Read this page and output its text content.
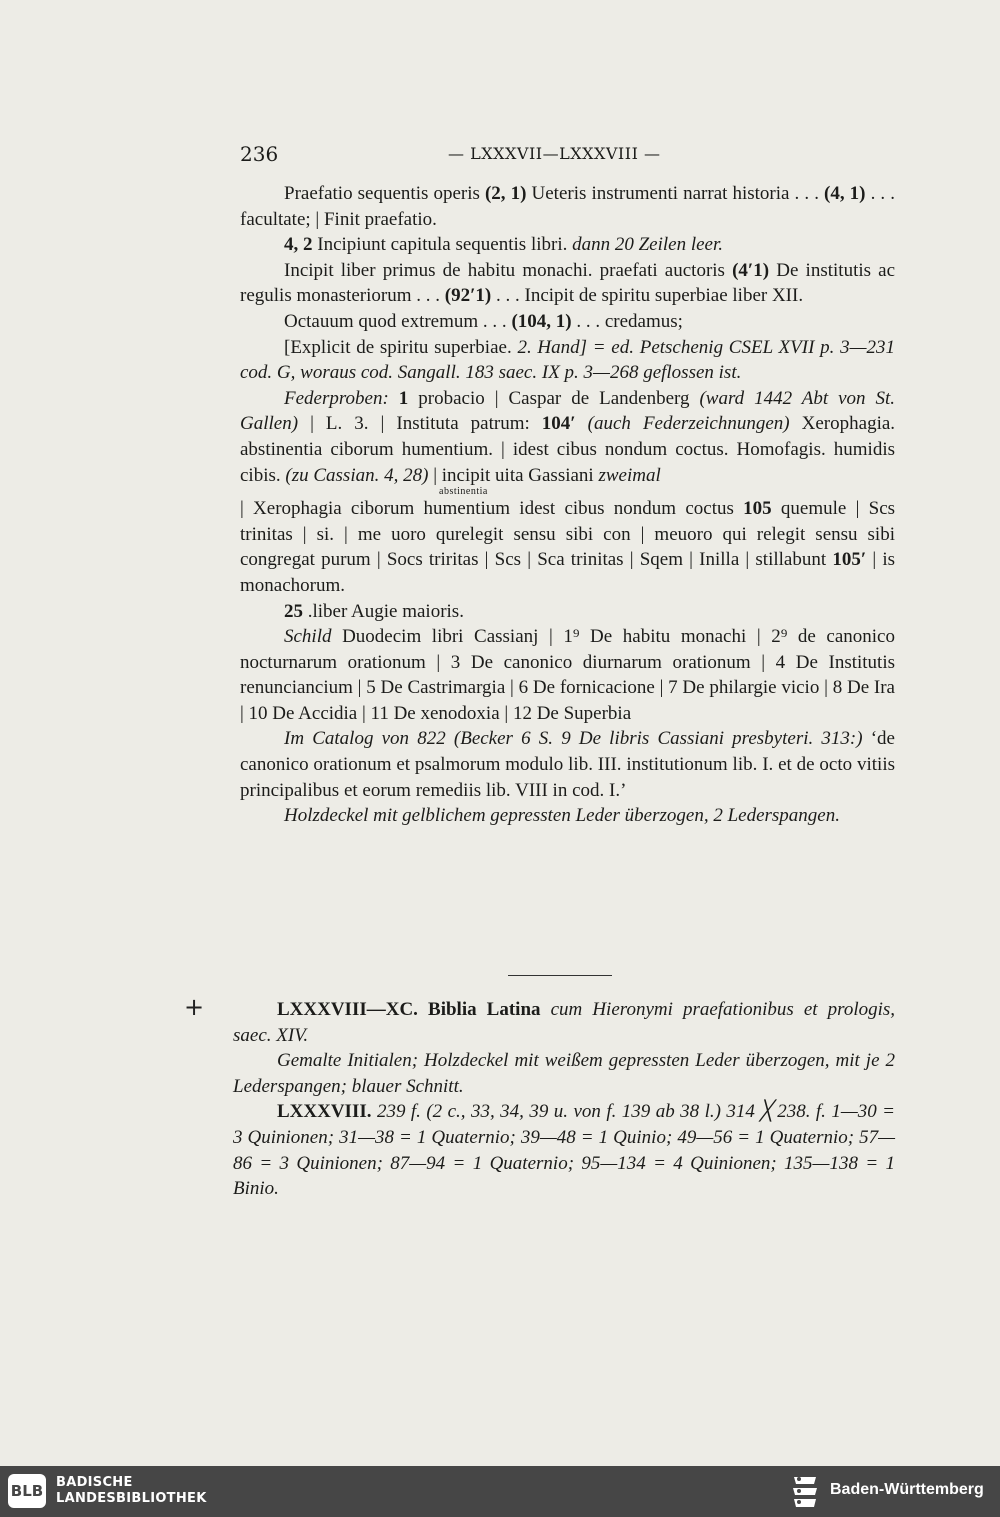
236	— LXXXVII—LXXXVIII —

Praefatio sequentis operis (2, 1) Ueteris instrumenti narrat historia . . . (4, 1) . . . facultate; | Finit praefatio.

4, 2 Incipiunt capitula sequentis libri. dann 20 Zeilen leer.

Incipit liber primus de habitu monachi. praefati auctoris (4′1) De institutis ac regulis monasteriorum . . . (92′1) . . . Incipit de spiritu superbiae liber XII.

Octauum quod extremum . . . (104, 1) . . . credamus;

[Explicit de spiritu superbiae. 2. Hand] = ed. Petschenig CSEL XVII p. 3—231 cod. G, woraus cod. Sangall. 183 saec. IX p. 3—268 geflossen ist.

Federproben: 1 probacio | Caspar de Landenberg (ward 1442 Abt von St. Gallen) | L. 3. | Instituta patrum: 104′ (auch Federzeichnungen) Xerophagia. abstinentia ciborum humentium. | idest cibus nondum coctus. Homofagis. humidis cibis. (zu Cassian. 4, 28) | incipit uita Gassiani zweimal
abstinentia
| Xerophagia ciborum humentium idest cibus nondum coctus 105 quemule | Scs trinitas | si. | me uoro qurelegit sensu sibi con | meuoro qui relegit sensu sibi congregat purum | Socs triritas | Scs | Sca trinitas | Sqem | Inilla | stillabunt 105′ | is monachorum.

25 .liber Augie maioris.

Schild Duodecim libri Cassianj | 1⁹ De habitu monachi | 2⁹ de canonico nocturnarum orationum | 3 De canonico diurnarum orationum | 4 De Institutis renunciancium | 5 De Castrimargia | 6 De fornicacione | 7 De philargie vicio | 8 De Ira | 10 De Accidia | 11 De xenodoxia | 12 De Superbia

Im Catalog von 822 (Becker 6 S. 9 De libris Cassiani presbyteri. 313:) ‘de canonico orationum et psalmorum modulo lib. III. institutionum lib. I. et de octo vitiis principalibus et eorum remediis lib. VIII in cod. I.’

Holzdeckel mit gelblichem gepressten Leder überzogen, 2 Lederspangen.

+	LXXXVIII—XC. Biblia Latina cum Hieronymi praefationibus et prologis, saec. XIV.

Gemalte Initialen; Holzdeckel mit weißem gepressten Leder überzogen, mit je 2 Lederspangen; blauer Schnitt.

LXXXVIII. 239 f. (2 c., 33, 34, 39 u. von f. 139 ab 38 l.) 314 ╳ 238. f. 1—30 = 3 Quinionen; 31—38 = 1 Quaternio; 39—48 = 1 Quinio; 49—56 = 1 Quaternio; 57—86 = 3 Quinionen; 87—94 = 1 Quaternio; 95—134 = 4 Quinionen; 135—138 = 1 Binio.

BLB BADISCHE
LANDESBIBLIOTHEK
Baden-Württemberg
